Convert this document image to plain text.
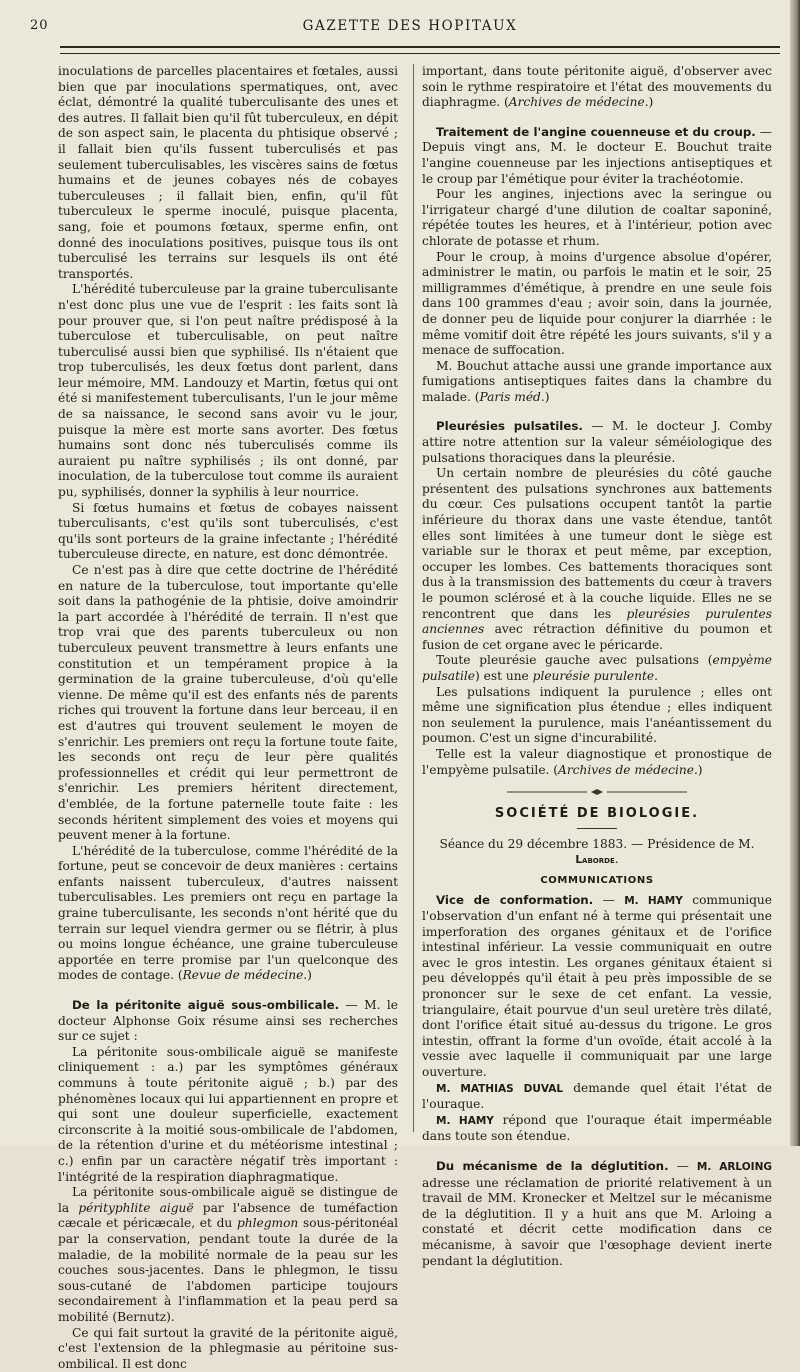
20	GAZETTE DES HOPITAUX

inoculations de parcelles placentaires et fœtales, aussi bien que par inoculations spermatiques, ont, avec éclat, démontré la qualité tuberculisante des unes et des autres. Il fallait bien qu'il fût tuberculeux, en dépit de son aspect sain, le placenta du phtisique observé ; il fallait bien qu'ils fussent tuberculisés et pas seulement tuberculisables, les viscères sains de fœtus humains et de jeunes cobayes nés de cobayes tuberculeuses ; il fallait bien, enfin, qu'il fût tuberculeux le sperme inoculé, puisque placenta, sang, foie et poumons fœtaux, sperme enfin, ont donné des inoculations positives, puisque tous ils ont tuberculisé les terrains sur lesquels ils ont été transportés.

L'hérédité tuberculeuse par la graine tuberculisante n'est donc plus une vue de l'esprit : les faits sont là pour prouver que, si l'on peut naître prédisposé à la tuberculose et tuberculisable, on peut naître tuberculisé aussi bien que syphilisé. Ils n'étaient que trop tuberculisés, les deux fœtus dont parlent, dans leur mémoire, MM. Landouzy et Martin, fœtus qui ont été si manifestement tuberculisants, l'un le jour même de sa naissance, le second sans avoir vu le jour, puisque la mère est morte sans avorter. Des fœtus humains sont donc nés tuberculisés comme ils auraient pu naître syphilisés ; ils ont donné, par inoculation, de la tuberculose tout comme ils auraient pu, syphilisés, donner la syphilis à leur nourrice.

Si fœtus humains et fœtus de cobayes naissent tuberculisants, c'est qu'ils sont tuberculisés, c'est qu'ils sont porteurs de la graine infectante ; l'hérédité tuberculeuse directe, en nature, est donc démontrée.

Ce n'est pas à dire que cette doctrine de l'hérédité en nature de la tuberculose, tout importante qu'elle soit dans la pathogénie de la phtisie, doive amoindrir la part accordée à l'hérédité de terrain. Il n'est que trop vrai que des parents tuberculeux ou non tuberculeux peuvent transmettre à leurs enfants une constitution et un tempérament propice à la germination de la graine tuberculeuse, d'où qu'elle vienne. De même qu'il est des enfants nés de parents riches qui trouvent la fortune dans leur berceau, il en est d'autres qui trouvent seulement le moyen de s'enrichir. Les premiers ont reçu la fortune toute faite, les seconds ont reçu de leur père qualités professionnelles et crédit qui leur permettront de s'enrichir. Les premiers héritent directement, d'emblée, de la fortune paternelle toute faite : les seconds héritent simplement des voies et moyens qui peuvent mener à la fortune.

L'hérédité de la tuberculose, comme l'hérédité de la fortune, peut se concevoir de deux manières : certains enfants naissent tuberculeux, d'autres naissent tuberculisables. Les premiers ont reçu en partage la graine tuberculisante, les seconds n'ont hérité que du terrain sur lequel viendra germer ou se flétrir, à plus ou moins longue échéance, une graine tuberculeuse apportée en terre promise par l'un quelconque des modes de contage. (Revue de médecine.)

De la péritonite aiguë sous-ombilicale. — M. le docteur Alphonse Goix résume ainsi ses recherches sur ce sujet :

La péritonite sous-ombilicale aiguë se manifeste cliniquement : a.) par les symptômes généraux communs à toute péritonite aiguë ; b.) par des phénomènes locaux qui lui appartiennent en propre et qui sont une douleur superficielle, exactement circonscrite à la moitié sous-ombilicale de l'abdomen, de la rétention d'urine et du météorisme intestinal ; c.) enfin par un caractère négatif très important : l'intégrité de la respiration diaphragmatique.

La péritonite sous-ombilicale aiguë se distingue de la pérityphlite aiguë par l'absence de tuméfaction cæcale et péricæcale, et du phlegmon sous-péritonéal par la conservation, pendant toute la durée de la maladie, de la mobilité normale de la peau sur les couches sous-jacentes. Dans le phlegmon, le tissu sous-cutané de l'abdomen participe toujours secondairement à l'inflammation et la peau perd sa mobilité (Bernutz).

Ce qui fait surtout la gravité de la péritonite aiguë, c'est l'extension de la phlegmasie au péritoine sus-ombilical. Il est donc

important, dans toute péritonite aiguë, d'observer avec soin le rythme respiratoire et l'état des mouvements du diaphragme. (Archives de médecine.)

Traitement de l'angine couenneuse et du croup. — Depuis vingt ans, M. le docteur E. Bouchut traite l'angine couenneuse par les injections antiseptiques et le croup par l'émétique pour éviter la trachéotomie.

Pour les angines, injections avec la seringue ou l'irrigateur chargé d'une dilution de coaltar saponiné, répétée toutes les heures, et à l'intérieur, potion avec chlorate de potasse et rhum.

Pour le croup, à moins d'urgence absolue d'opérer, administrer le matin, ou parfois le matin et le soir, 25 milligrammes d'émétique, à prendre en une seule fois dans 100 grammes d'eau ; avoir soin, dans la journée, de donner peu de liquide pour conjurer la diarrhée : le même vomitif doit être répété les jours suivants, s'il y a menace de suffocation.

M. Bouchut attache aussi une grande importance aux fumigations antiseptiques faites dans la chambre du malade. (Paris méd.)

Pleurésies pulsatiles. — M. le docteur J. Comby attire notre attention sur la valeur séméiologique des pulsations thoraciques dans la pleurésie.

Un certain nombre de pleurésies du côté gauche présentent des pulsations synchrones aux battements du cœur. Ces pulsations occupent tantôt la partie inférieure du thorax dans une vaste étendue, tantôt elles sont limitées à une tumeur dont le siège est variable sur le thorax et peut même, par exception, occuper les lombes. Ces battements thoraciques sont dus à la transmission des battements du cœur à travers le poumon sclérosé et à la couche liquide. Elles ne se rencontrent que dans les pleurésies purulentes anciennes avec rétraction définitive du poumon et fusion de cet organe avec le péricarde.

Toute pleurésie gauche avec pulsations (empyème pulsatile) est une pleurésie purulente.

Les pulsations indiquent la purulence ; elles ont même une signification plus étendue ; elles indiquent non seulement la purulence, mais l'anéantissement du poumon. C'est un signe d'incurabilité.

Telle est la valeur diagnostique et pronostique de l'empyème pulsatile. (Archives de médecine.)

SOCIÉTÉ DE BIOLOGIE.

Séance du 29 décembre 1883. — Présidence de M. Laborde.

COMMUNICATIONS

Vice de conformation. — M. HAMY communique l'observation d'un enfant né à terme qui présentait une imperforation des organes génitaux et de l'orifice intestinal inférieur. La vessie communiquait en outre avec le gros intestin. Les organes génitaux étaient si peu développés qu'il était à peu près impossible de se prononcer sur le sexe de cet enfant. La vessie, triangulaire, était pourvue d'un seul uretère très dilaté, dont l'orifice était situé au-dessus du trigone. Le gros intestin, offrant la forme d'un ovoïde, était accolé à la vessie avec laquelle il communiquait par une large ouverture.

M. MATHIAS DUVAL demande quel était l'état de l'ouraque.

M. HAMY répond que l'ouraque était imperméable dans toute son étendue.

Du mécanisme de la déglutition. — M. ARLOING adresse une réclamation de priorité relativement à un travail de MM. Kronecker et Meltzel sur le mécanisme de la déglutition. Il y a huit ans que M. Arloing a constaté et décrit cette modification dans ce mécanisme, à savoir que l'œsophage devient inerte pendant la déglutition.
